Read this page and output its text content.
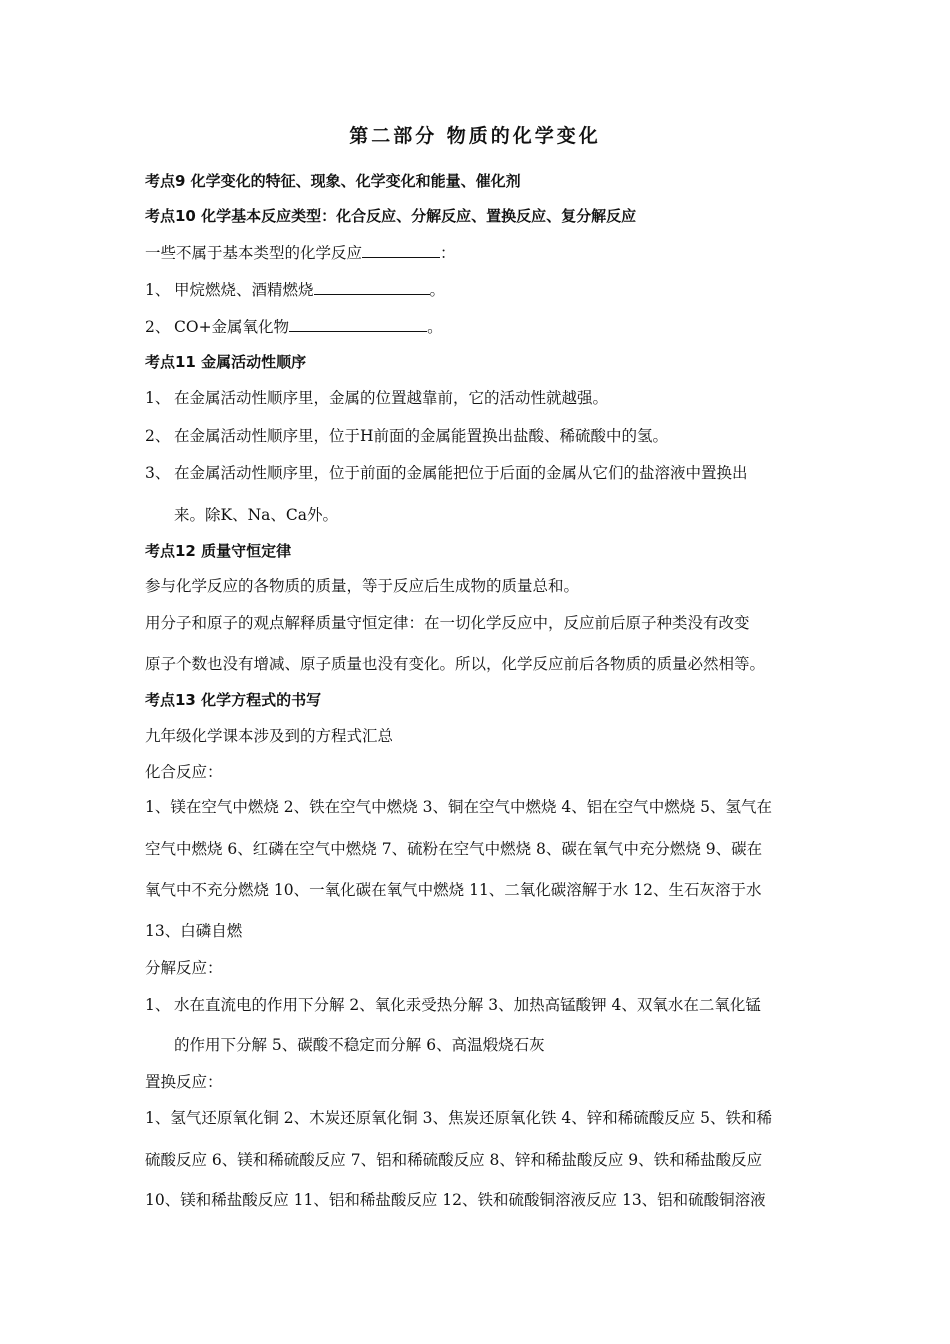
第二部分 物质的化学变化
考点9 化学变化的特征、现象、化学变化和能量、催化剂
考点10 化学基本反应类型：化合反应、分解反应、置换反应、复分解反应
一些不属于基本类型的化学反应	：
1、 甲烷燃烧、酒精燃烧	。
2、 CO+金属氧化物	。
考点11 金属活动性顺序
1、 在金属活动性顺序里，金属的位置越靠前，它的活动性就越强。
2、 在金属活动性顺序里，位于H前面的金属能置换出盐酸、稀硫酸中的氢。
3、 在金属活动性顺序里，位于前面的金属能把位于后面的金属从它们的盐溶液中置换出
来。除K、Na、Ca外。
考点12 质量守恒定律
参与化学反应的各物质的质量，等于反应后生成物的质量总和。
用分子和原子的观点解释质量守恒定律：在一切化学反应中，反应前后原子种类没有改变
原子个数也没有增减、原子质量也没有变化。所以，化学反应前后各物质的质量必然相等。
考点13 化学方程式的书写
九年级化学课本涉及到的方程式汇总
化合反应：
1、镁在空气中燃烧 2、铁在空气中燃烧 3、铜在空气中燃烧 4、铝在空气中燃烧 5、氢气在
空气中燃烧 6、红磷在空气中燃烧 7、硫粉在空气中燃烧 8、碳在氧气中充分燃烧 9、碳在
氧气中不充分燃烧 10、一氧化碳在氧气中燃烧 11、二氧化碳溶解于水 12、生石灰溶于水
13、白磷自燃
分解反应：
1、 水在直流电的作用下分解 2、氧化汞受热分解 3、加热高锰酸钾 4、双氧水在二氧化锰
的作用下分解 5、碳酸不稳定而分解 6、高温煅烧石灰
置换反应：
1、氢气还原氧化铜 2、木炭还原氧化铜 3、焦炭还原氧化铁 4、锌和稀硫酸反应 5、铁和稀
硫酸反应 6、镁和稀硫酸反应 7、铝和稀硫酸反应 8、锌和稀盐酸反应 9、铁和稀盐酸反应
10、镁和稀盐酸反应 11、铝和稀盐酸反应 12、铁和硫酸铜溶液反应 13、铝和硫酸铜溶液
